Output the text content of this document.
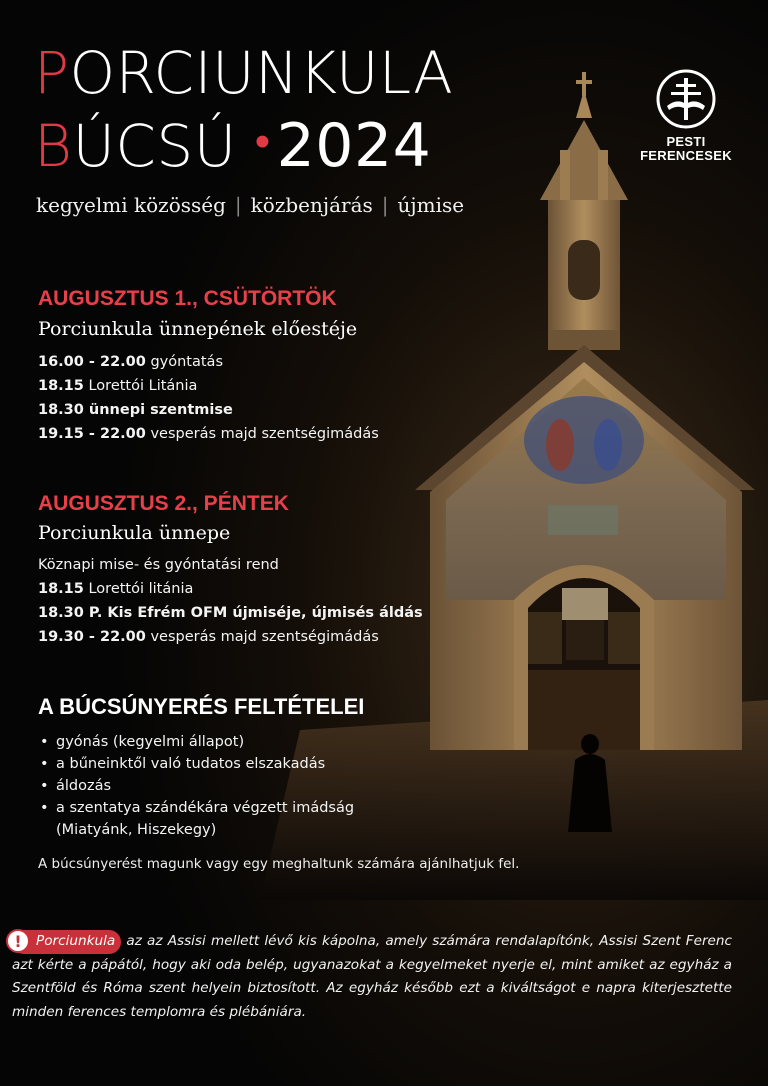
PESTI
FERENCESEK
PORCIUNKULA
BÚCSÚ • 2024
kegyelmi közösség | közbenjárás | újmise
AUGUSZTUS 1., CSÜTÖRTÖK
Porciunkula ünnepének előestéje
16.00 - 22.00 gyóntatás
18.15 Lorettói Litánia
18.30 ünnepi szentmise
19.15 - 22.00 vesperás majd szentségimádás
AUGUSZTUS 2., PÉNTEK
Porciunkula ünnepe
Köznapi mise- és gyóntatási rend
18.15 Lorettói litánia
18.30 P. Kis Efrém OFM újmiséje, újmisés áldás
19.30 - 22.00 vesperás majd szentségimádás
A BÚCSÚNYERÉS FELTÉTELEI
• gyónás (kegyelmi állapot)
• a bűneinktől való tudatos elszakadás
• áldozás
• a szentatya szándékára végzett imádság
(Miatyánk, Hiszekegy)
A búcsúnyerést magunk vagy egy meghaltunk számára ajánlhatjuk fel.
!	Porciunkula az az Assisi mellett lévő kis kápolna, amely számára rendalapítónk, Assisi Szent Ferenc azt kérte a pápától, hogy aki oda belép, ugyanazokat a kegyelmeket nyerje el, mint amiket az egyház a Szentföld és Róma szent helyein biztosított. Az egyház később ezt a kiváltságot e napra kiterjesztette minden ferences templomra és plébániára.
